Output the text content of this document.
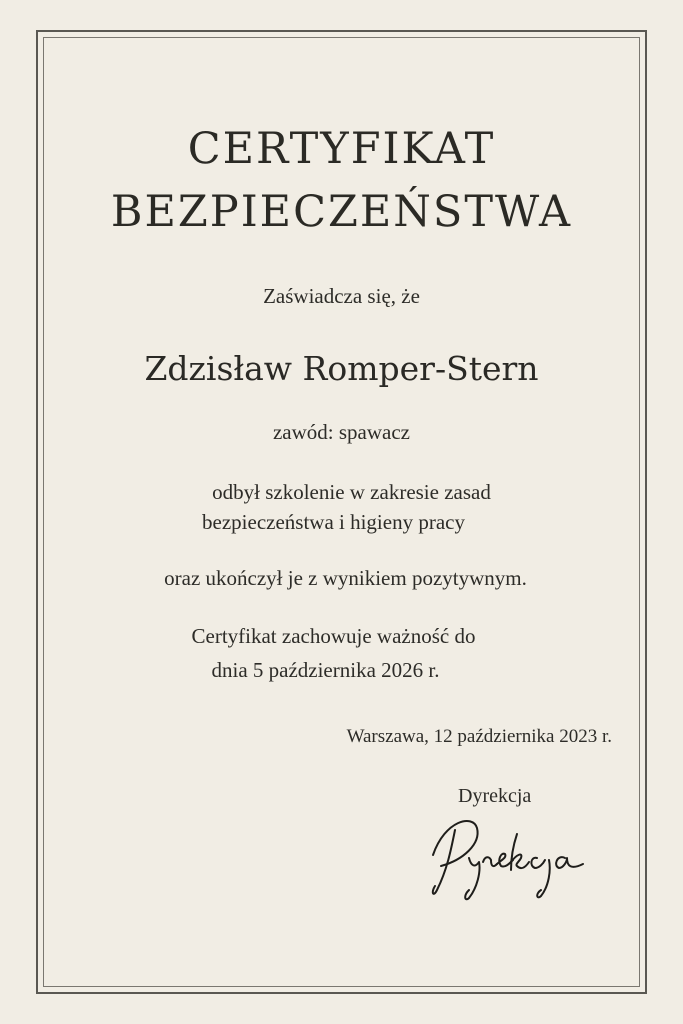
CERTYFIKAT
BEZPIECZEŃSTWA
Zaświadcza się, że
Zdzisław Romper-Stern
zawód: spawacz
odbył szkolenie w zakresie zasad
bezpieczeństwa i higieny pracy
oraz ukończył je z wynikiem pozytywnym.
Certyfikat zachowuje ważność do
dnia 5 października 2026 r.
Warszawa, 12 października 2023 r.
Dyrekcja
